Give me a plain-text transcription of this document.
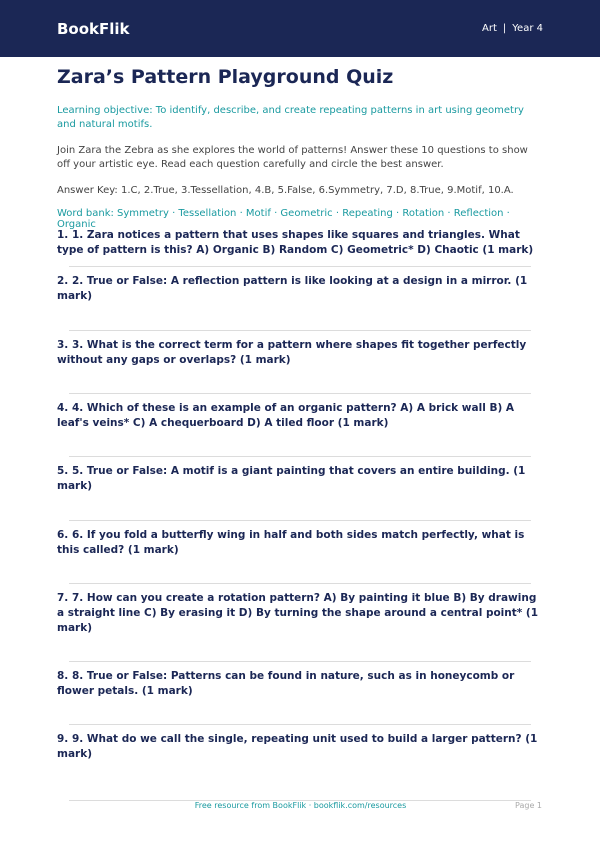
BookFlik	Art | Year 4
Zara’s Pattern Playground Quiz
Learning objective: To identify, describe, and create repeating patterns in art using geometry and natural motifs.
Join Zara the Zebra as she explores the world of patterns! Answer these 10 questions to show off your artistic eye. Read each question carefully and circle the best answer.
Answer Key: 1.C, 2.True, 3.Tessellation, 4.B, 5.False, 6.Symmetry, 7.D, 8.True, 9.Motif, 10.A.
Word bank: Symmetry · Tessellation · Motif · Geometric · Repeating · Rotation · Reflection · Organic
1. 1. Zara notices a pattern that uses shapes like squares and triangles. What type of pattern is this? A) Organic B) Random C) Geometric* D) Chaotic (1 mark)
2. 2. True or False: A reflection pattern is like looking at a design in a mirror. (1 mark)
3. 3. What is the correct term for a pattern where shapes fit together perfectly without any gaps or overlaps? (1 mark)
4. 4. Which of these is an example of an organic pattern? A) A brick wall B) A leaf's veins* C) A chequerboard D) A tiled floor (1 mark)
5. 5. True or False: A motif is a giant painting that covers an entire building. (1 mark)
6. 6. If you fold a butterfly wing in half and both sides match perfectly, what is this called? (1 mark)
7. 7. How can you create a rotation pattern? A) By painting it blue B) By drawing a straight line C) By erasing it D) By turning the shape around a central point* (1 mark)
8. 8. True or False: Patterns can be found in nature, such as in honeycomb or flower petals. (1 mark)
9. 9. What do we call the single, repeating unit used to build a larger pattern? (1 mark)
Free resource from BookFlik · bookflik.com/resources	Page 1
